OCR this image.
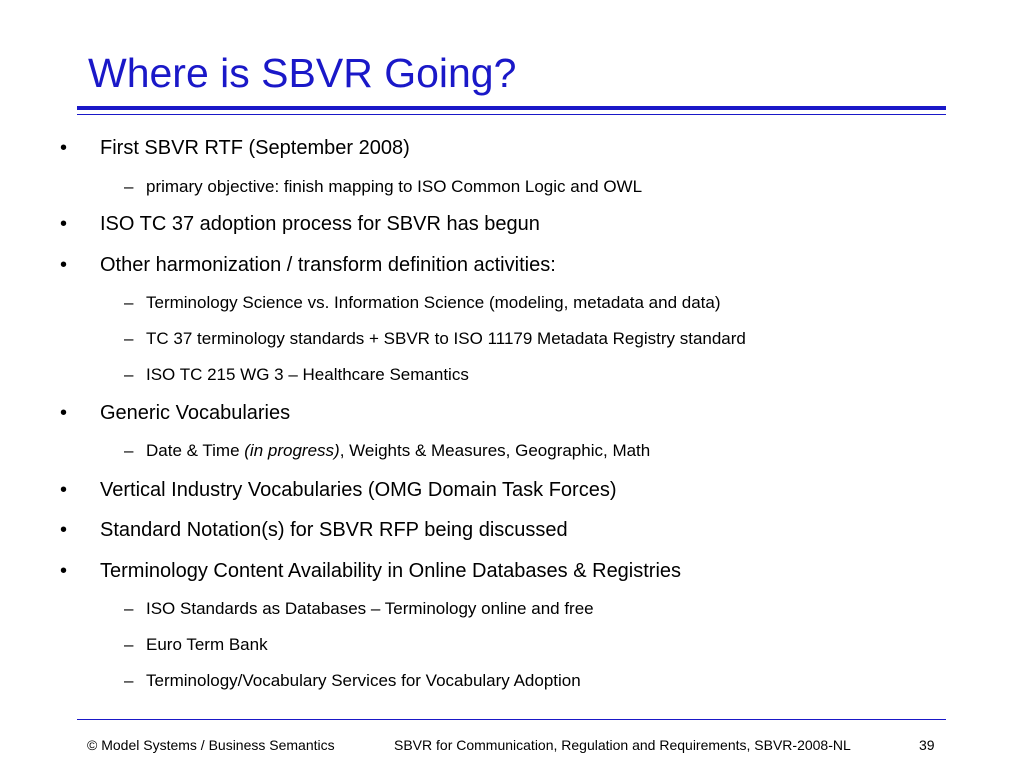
Where is SBVR Going?
• First SBVR RTF (September 2008)
– primary objective: finish mapping to ISO Common Logic and OWL
• ISO TC 37 adoption process for SBVR has begun
• Other harmonization / transform definition activities:
– Terminology Science vs. Information Science (modeling, metadata and data)
– TC 37 terminology standards + SBVR to ISO 11179 Metadata Registry standard
– ISO TC 215 WG 3 – Healthcare Semantics
• Generic Vocabularies
– Date & Time (in progress), Weights & Measures, Geographic, Math
• Vertical Industry Vocabularies (OMG Domain Task Forces)
• Standard Notation(s) for SBVR RFP being discussed
• Terminology Content Availability in Online Databases & Registries
– ISO Standards as Databases – Terminology online and free
– Euro Term Bank
– Terminology/Vocabulary Services for Vocabulary Adoption
© Model Systems / Business Semantics	SBVR for Communication, Regulation and Requirements, SBVR-2008-NL	39
